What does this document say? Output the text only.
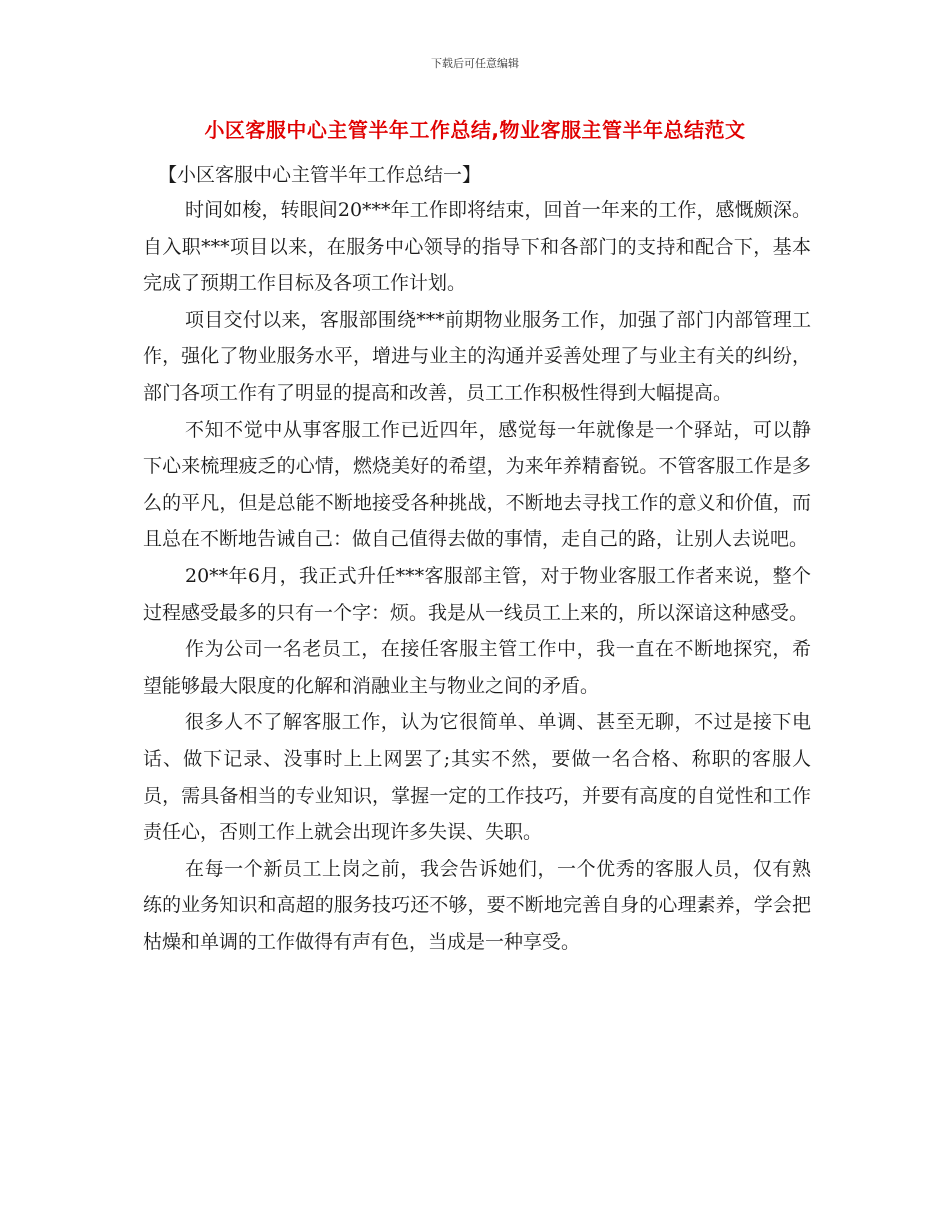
下载后可任意编辑
小区客服中心主管半年工作总结,物业客服主管半年总结范文
【小区客服中心主管半年工作总结一】

时间如梭，转眼间20***年工作即将结束，回首一年来的工作，感慨颇深。自入职***项目以来，在服务中心领导的指导下和各部门的支持和配合下，基本完成了预期工作目标及各项工作计划。

项目交付以来，客服部围绕***前期物业服务工作，加强了部门内部管理工作，强化了物业服务水平，增进与业主的沟通并妥善处理了与业主有关的纠纷，部门各项工作有了明显的提高和改善，员工工作积极性得到大幅提高。

不知不觉中从事客服工作已近四年，感觉每一年就像是一个驿站，可以静下心来梳理疲乏的心情，燃烧美好的希望，为来年养精畜锐。不管客服工作是多么的平凡，但是总能不断地接受各种挑战，不断地去寻找工作的意义和价值，而且总在不断地告诫自己：做自己值得去做的事情，走自己的路，让别人去说吧。

20**年6月，我正式升任***客服部主管，对于物业客服工作者来说，整个过程感受最多的只有一个字：烦。我是从一线员工上来的，所以深谙这种感受。

作为公司一名老员工，在接任客服主管工作中，我一直在不断地探究，希望能够最大限度的化解和消融业主与物业之间的矛盾。

很多人不了解客服工作，认为它很简单、单调、甚至无聊，不过是接下电话、做下记录、没事时上上网罢了;其实不然，要做一名合格、称职的客服人员，需具备相当的专业知识，掌握一定的工作技巧，并要有高度的自觉性和工作责任心，否则工作上就会出现许多失误、失职。

在每一个新员工上岗之前，我会告诉她们，一个优秀的客服人员，仅有熟练的业务知识和高超的服务技巧还不够，要不断地完善自身的心理素养，学会把枯燥和单调的工作做得有声有色，当成是一种享受。
